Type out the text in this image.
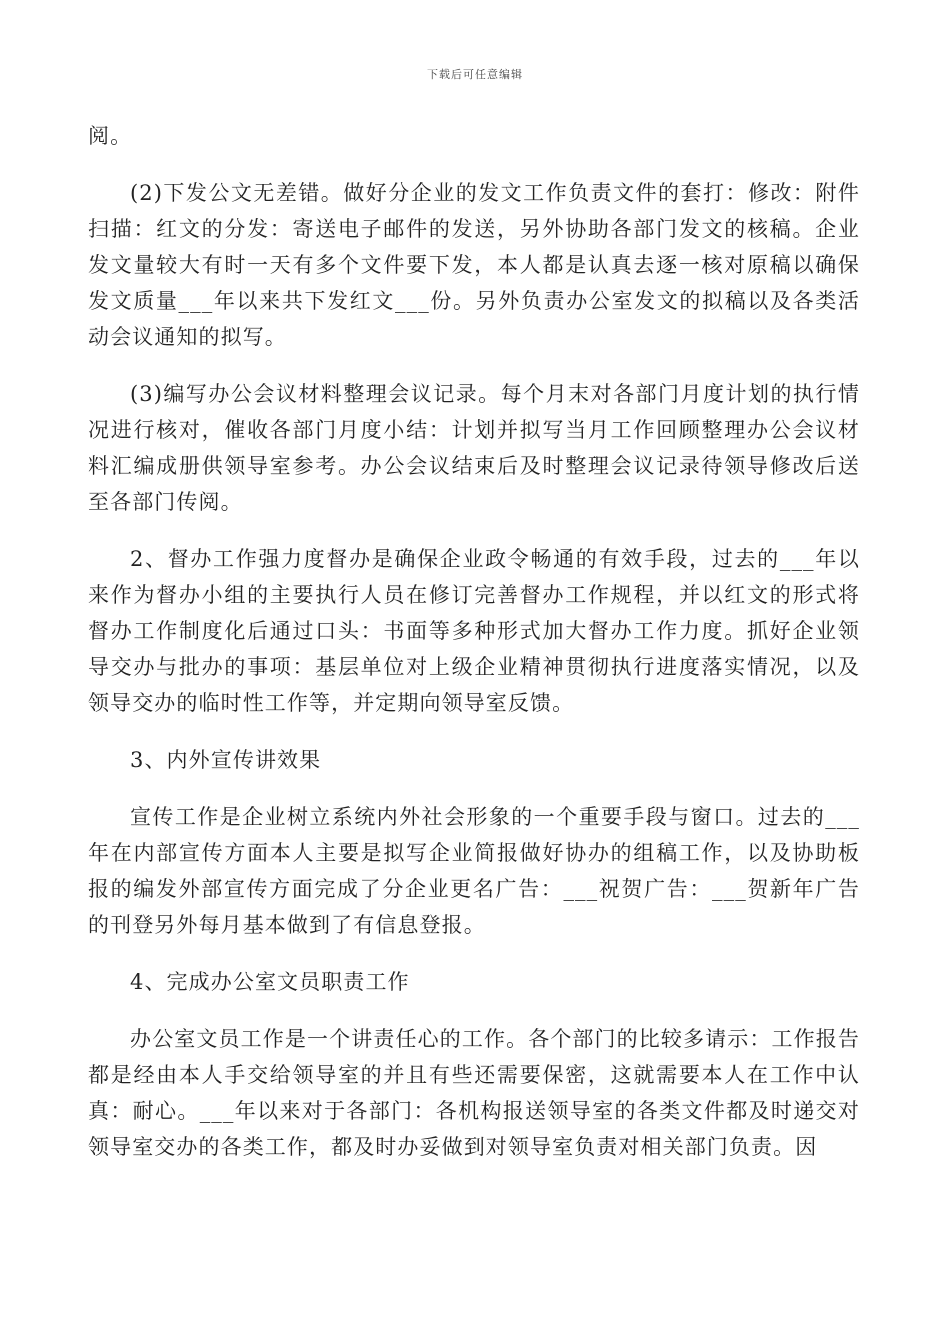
下载后可任意编辑

阅。

(2)下发公文无差错。做好分企业的发文工作负责文件的套打：修改：附件扫描：红文的分发：寄送电子邮件的发送，另外协助各部门发文的核稿。企业发文量较大有时一天有多个文件要下发，本人都是认真去逐一核对原稿以确保发文质量___年以来共下发红文___份。另外负责办公室发文的拟稿以及各类活动会议通知的拟写。

(3)编写办公会议材料整理会议记录。每个月末对各部门月度计划的执行情况进行核对，催收各部门月度小结：计划并拟写当月工作回顾整理办公会议材料汇编成册供领导室参考。办公会议结束后及时整理会议记录待领导修改后送至各部门传阅。

2、督办工作强力度督办是确保企业政令畅通的有效手段，过去的___年以来作为督办小组的主要执行人员在修订完善督办工作规程，并以红文的形式将督办工作制度化后通过口头：书面等多种形式加大督办工作力度。抓好企业领导交办与批办的事项：基层单位对上级企业精神贯彻执行进度落实情况，以及领导交办的临时性工作等，并定期向领导室反馈。

3、内外宣传讲效果

宣传工作是企业树立系统内外社会形象的一个重要手段与窗口。过去的___年在内部宣传方面本人主要是拟写企业简报做好协办的组稿工作，以及协助板报的编发外部宣传方面完成了分企业更名广告：___祝贺广告：___贺新年广告的刊登另外每月基本做到了有信息登报。

4、完成办公室文员职责工作

办公室文员工作是一个讲责任心的工作。各个部门的比较多请示：工作报告都是经由本人手交给领导室的并且有些还需要保密，这就需要本人在工作中认真：耐心。___年以来对于各部门：各机构报送领导室的各类文件都及时递交对领导室交办的各类工作，都及时办妥做到对领导室负责对相关部门负责。因
